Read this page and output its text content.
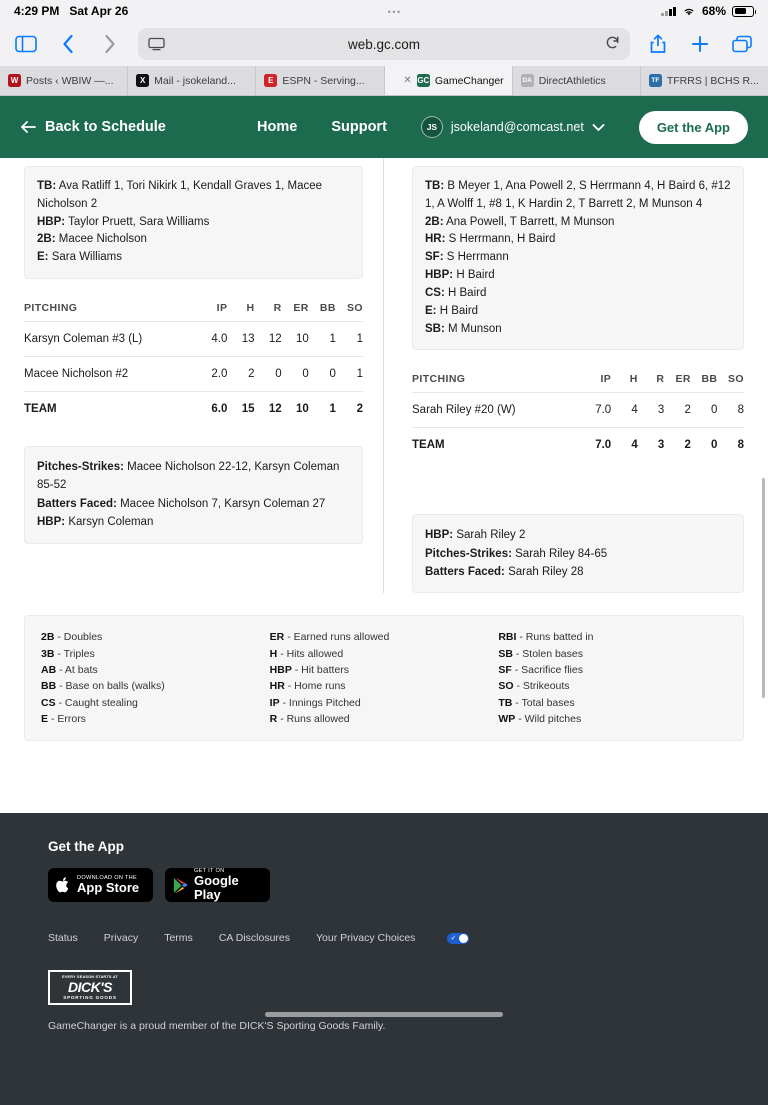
4:29 PM Sat Apr 26	⋯	68%
web.gc.com
W Posts ‹ WBIW —...	X Mail - jsokeland...	E ESPN - Serving...	✕ GC GameChanger	DA DirectAthletics	TF TFRRS | BCHS R...
Back to Schedule	Home Support	JS	jsokeland@comcast.net	Get the App
TB: Ava Ratliff 1, Tori Nikirk 1, Kendall Graves 1, Macee Nicholson 2
HBP: Taylor Pruett, Sara Williams
2B: Macee Nicholson
E: Sara Williams
PITCHING	IP	H	R	ER	BB	SO
Karsyn Coleman #3 (L)	4.0	13	12	10	1	1
Macee Nicholson #2	2.0	2	0	0	0	1
TEAM	6.0	15	12	10	1	2
Pitches-Strikes: Macee Nicholson 22-12, Karsyn Coleman 85-52
Batters Faced: Macee Nicholson 7, Karsyn Coleman 27
HBP: Karsyn Coleman
TB: B Meyer 1, Ana Powell 2, S Herrmann 4, H Baird 6, #12 1, A Wolff 1, #8 1, K Hardin 2, T Barrett 2, M Munson 4
2B: Ana Powell, T Barrett, M Munson
HR: S Herrmann, H Baird
SF: S Herrmann
HBP: H Baird
CS: H Baird
E: H Baird
SB: M Munson
PITCHING	IP	H	R	ER	BB	SO
Sarah Riley #20 (W)	7.0	4	3	2	0	8
TEAM	7.0	4	3	2	0	8
HBP: Sarah Riley 2
Pitches-Strikes: Sarah Riley 84-65
Batters Faced: Sarah Riley 28
2B - Doubles
3B - Triples
AB - At bats
BB - Base on balls (walks)
CS - Caught stealing
E - Errors
ER - Earned runs allowed
H - Hits allowed
HBP - Hit batters
HR - Home runs
IP - Innings Pitched
R - Runs allowed
RBI - Runs batted in
SB - Stolen bases
SF - Sacrifice flies
SO - Strikeouts
TB - Total bases
WP - Wild pitches
Get the App
DOWNLOAD ON THE
App Store
GET IT ON
Google Play
Status Privacy Terms CA Disclosures Your Privacy Choices
✓
EVERY SEASON STARTS AT
DICK'S
SPORTING GOODS
GameChanger is a proud member of the DICK'S Sporting Goods Family.
